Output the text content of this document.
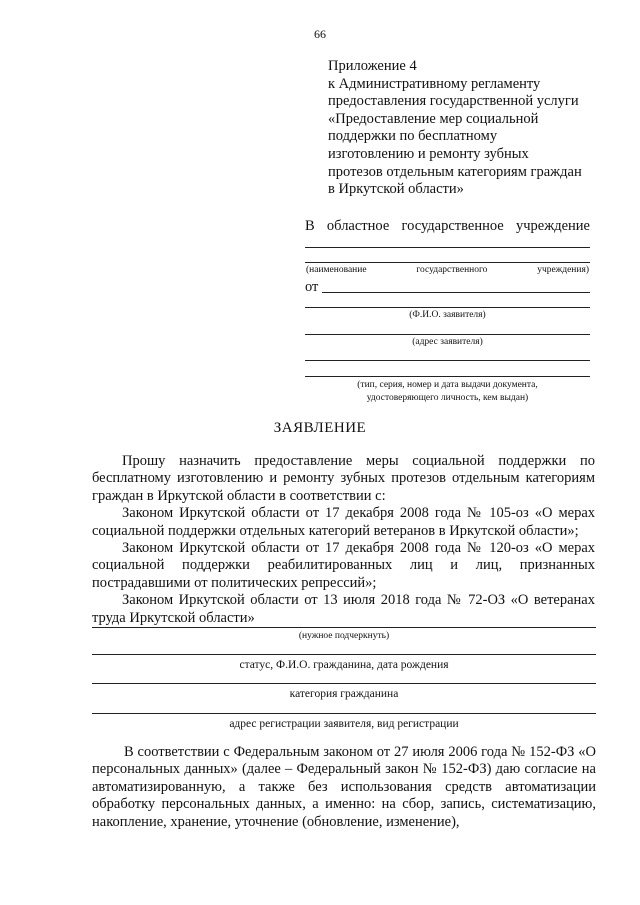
66
Приложение 4
к Административному регламенту
предоставления государственной услуги
«Предоставление мер социальной
поддержки по бесплатному
изготовлению и ремонту зубных
протезов отдельным категориям граждан
в Иркутской области»
В областное государственное учреждение
(наименование	государственного	учреждения)
от
(Ф.И.О. заявителя)
(адрес заявителя)
(тип, серия, номер и дата выдачи документа,
удостоверяющего личность, кем выдан)
ЗАЯВЛЕНИЕ

Прошу назначить предоставление меры социальной поддержки по бесплатному изготовлению и ремонту зубных протезов отдельным категориям граждан в Иркутской области в соответствии с:

Законом Иркутской области от 17 декабря 2008 года № 105-оз «О мерах социальной поддержки отдельных категорий ветеранов в Иркутской области»;

Законом Иркутской области от 17 декабря 2008 года № 120-оз «О мерах социальной поддержки реабилитированных лиц и лиц, признанных пострадавшими от политических репрессий»;

Законом Иркутской области от 13 июля 2018 года № 72-ОЗ «О ветеранах труда Иркутской области»

(нужное подчеркнуть)
статус, Ф.И.О. гражданина, дата рождения
категория гражданина
адрес регистрации заявителя, вид регистрации

В соответствии с Федеральным законом от 27 июля 2006 года № 152-ФЗ «О персональных данных» (далее – Федеральный закон № 152-ФЗ) даю согласие на автоматизированную, а также без использования средств автоматизации обработку персональных данных, а именно: на сбор, запись, систематизацию, накопление, хранение, уточнение (обновление, изменение),
